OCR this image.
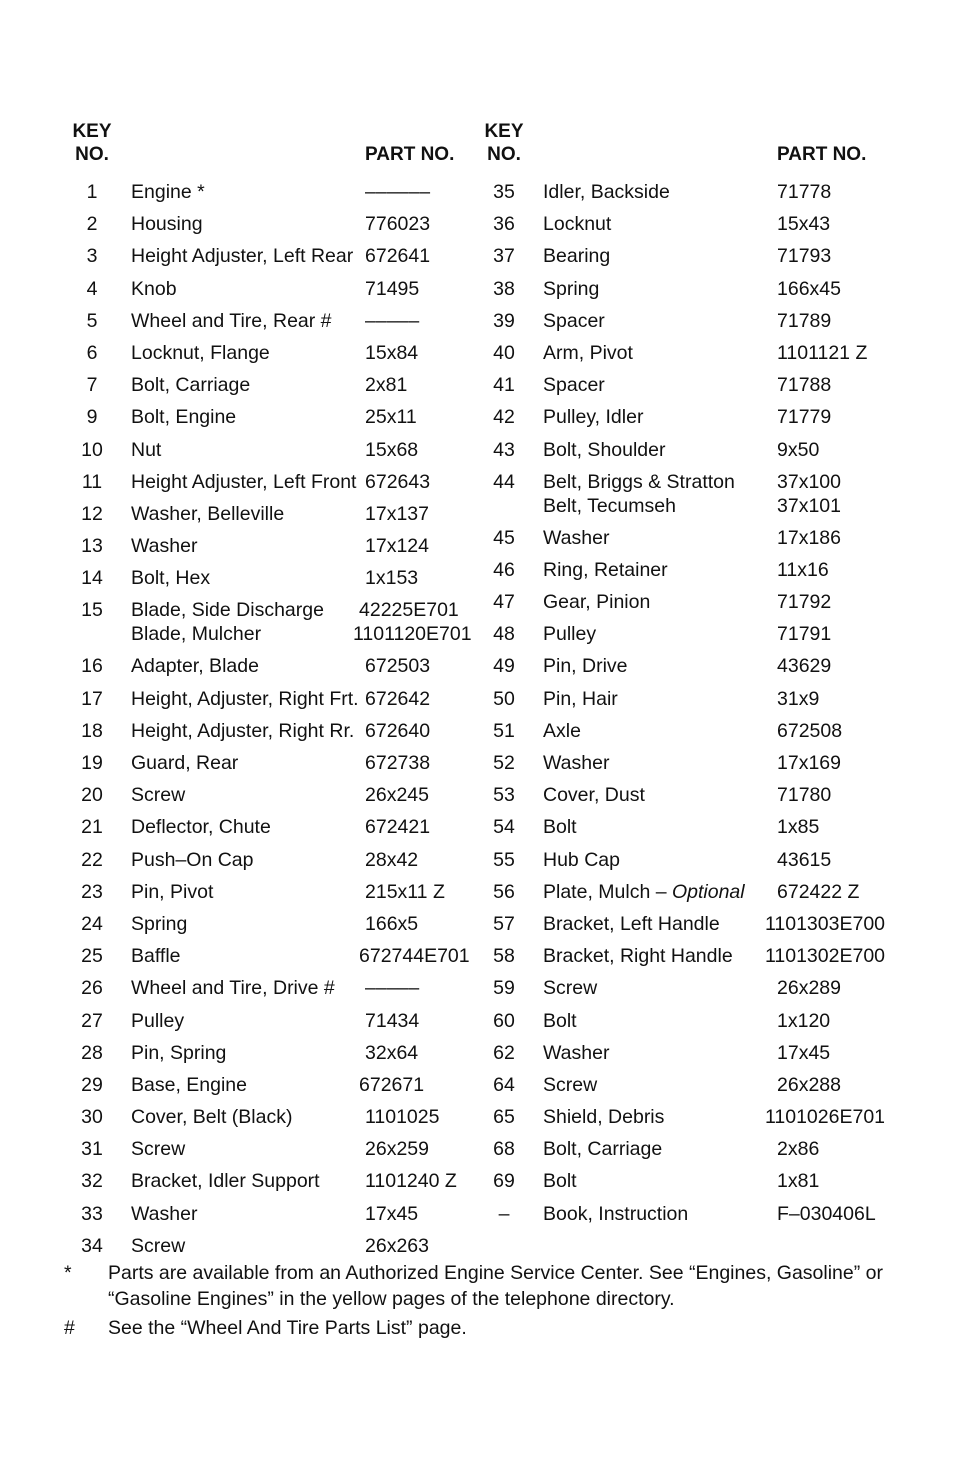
KEY
NO.	PART NO.
1	Engine *	––––––
2	Housing	776023
3	Height Adjuster, Left Rear 672641
4	Knob	71495
5	Wheel and Tire, Rear # –––––
6	Locknut, Flange	15x84
7	Bolt, Carriage	2x81
9	Bolt, Engine	25x11
10	Nut	15x68
11	Height Adjuster, Left Front 672643
12	Washer, Belleville	17x137
13	Washer	17x124
14	Bolt, Hex	1x153
15	Blade, Side Discharge 42225E701
Blade, Mulcher	1101120E701
16	Adapter, Blade	672503
17	Height, Adjuster, Right Frt. 672642
18	Height, Adjuster, Right Rr. 672640
19	Guard, Rear	672738
20	Screw	26x245
21	Deflector, Chute	672421
22	Push–On Cap	28x42
23	Pin, Pivot	215x11 Z
24	Spring	166x5
25	Baffle	672744E701
26	Wheel and Tire, Drive # –––––
27	Pulley	71434
28	Pin, Spring	32x64
29	Base, Engine	672671
30	Cover, Belt (Black)	1101025
31	Screw	26x259
32	Bracket, Idler Support 1101240 Z
33	Washer	17x45
34	Screw	26x263
KEY
NO.	PART NO.
35	Idler, Backside	71778
36	Locknut	15x43
37	Bearing	71793
38	Spring	166x45
39	Spacer	71789
40	Arm, Pivot	1101121 Z
41	Spacer	71788
42	Pulley, Idler	71779
43	Bolt, Shoulder	9x50
44	Belt, Briggs & Stratton 37x100
Belt, Tecumseh	37x101
45	Washer	17x186
46	Ring, Retainer	11x16
47	Gear, Pinion	71792
48	Pulley	71791
49	Pin, Drive	43629
50	Pin, Hair	31x9
51	Axle	672508
52	Washer	17x169
53	Cover, Dust	71780
54	Bolt	1x85
55	Hub Cap	43615
56	Plate, Mulch – Optional 672422 Z
57	Bracket, Left Handle 1101303E700
58	Bracket, Right Handle 1101302E700
59	Screw	26x289
60	Bolt	1x120
62	Washer	17x45
64	Screw	26x288
65	Shield, Debris	1101026E701
68	Bolt, Carriage	2x86
69	Bolt	1x81
–	Book, Instruction	F–030406L
* Parts are available from an Authorized Engine Service Center. See “Engines, Gasoline” or “Gasoline Engines” in the yellow pages of the telephone directory.
# See the “Wheel And Tire Parts List” page.
